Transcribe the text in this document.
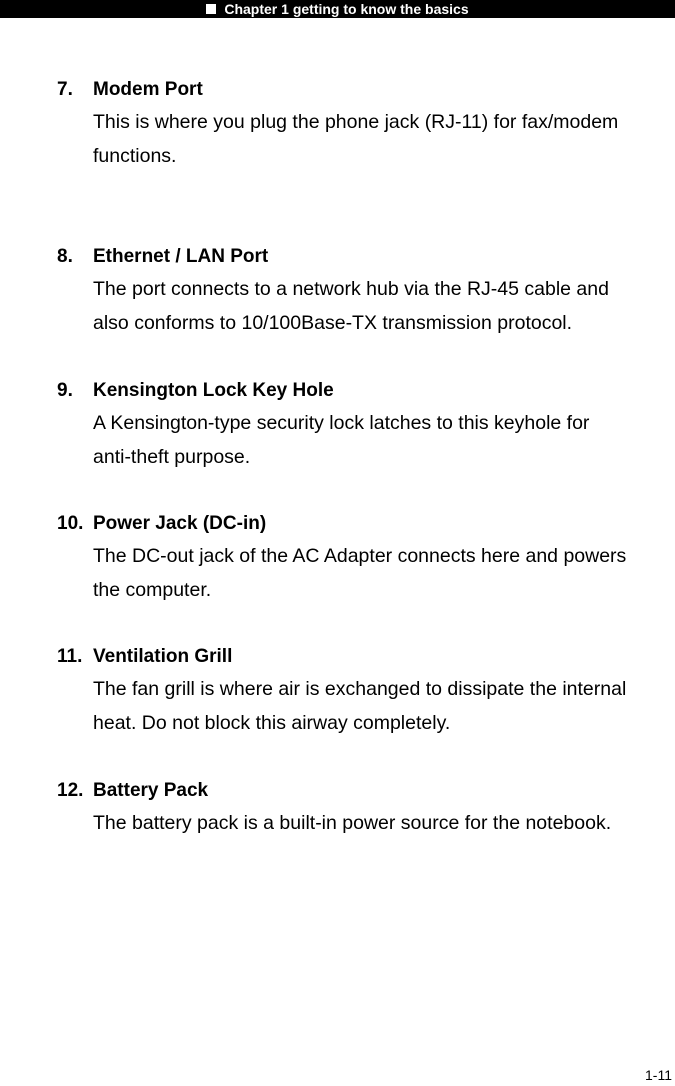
Chapter 1 getting to know the basics
7. Modem Port
This is where you plug the phone jack (RJ-11) for fax/modem
functions.
8. Ethernet / LAN Port
The port connects to a network hub via the RJ-45 cable and
also conforms to 10/100Base-TX transmission protocol.
9. Kensington Lock Key Hole
A Kensington-type security lock latches to this keyhole for
anti-theft purpose.
10. Power Jack (DC-in)
The DC-out jack of the AC Adapter connects here and powers
the computer.
11. Ventilation Grill
The fan grill is where air is exchanged to dissipate the internal
heat. Do not block this airway completely.
12. Battery Pack
The battery pack is a built-in power source for the notebook.
1-11
